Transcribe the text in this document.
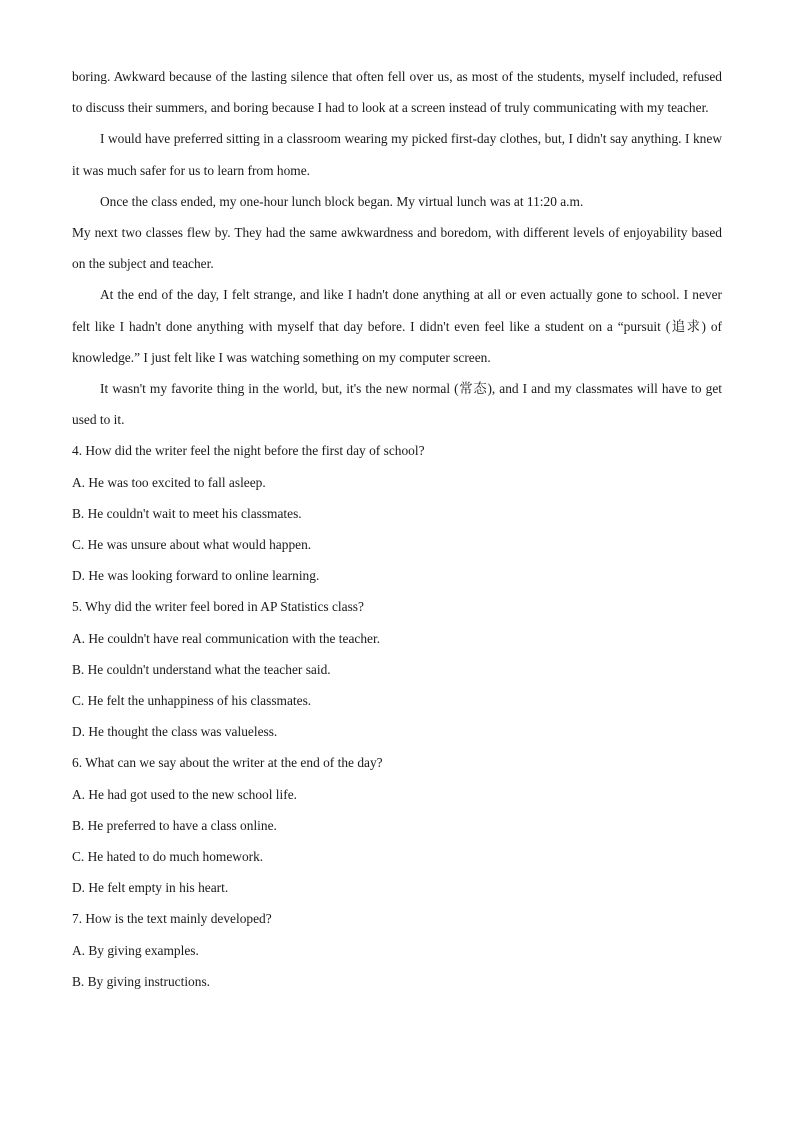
boring. Awkward because of the lasting silence that often fell over us, as most of the students, myself included, refused to discuss their summers, and boring because I had to look at a screen instead of truly communicating with my teacher.

I would have preferred sitting in a classroom wearing my picked first-day clothes, but, I didn't say anything. I knew it was much safer for us to learn from home.

Once the class ended, my one-hour lunch block began. My virtual lunch was at 11:20 a.m.

My next two classes flew by. They had the same awkwardness and boredom, with different levels of enjoyability based on the subject and teacher.

At the end of the day, I felt strange, and like I hadn't done anything at all or even actually gone to school. I never felt like I hadn't done anything with myself that day before. I didn't even feel like a student on a “pursuit (追求) of knowledge.” I just felt like I was watching something on my computer screen.

It wasn't my favorite thing in the world, but, it's the new normal (常态), and I and my classmates will have to get used to it.

4. How did the writer feel the night before the first day of school?

A. He was too excited to fall asleep.

B. He couldn't wait to meet his classmates.

C. He was unsure about what would happen.

D. He was looking forward to online learning.

5. Why did the writer feel bored in AP Statistics class?

A. He couldn't have real communication with the teacher.

B. He couldn't understand what the teacher said.

C. He felt the unhappiness of his classmates.

D. He thought the class was valueless.

6. What can we say about the writer at the end of the day?

A. He had got used to the new school life.

B. He preferred to have a class online.

C. He hated to do much homework.

D. He felt empty in his heart.

7. How is the text mainly developed?

A. By giving examples.

B. By giving instructions.
